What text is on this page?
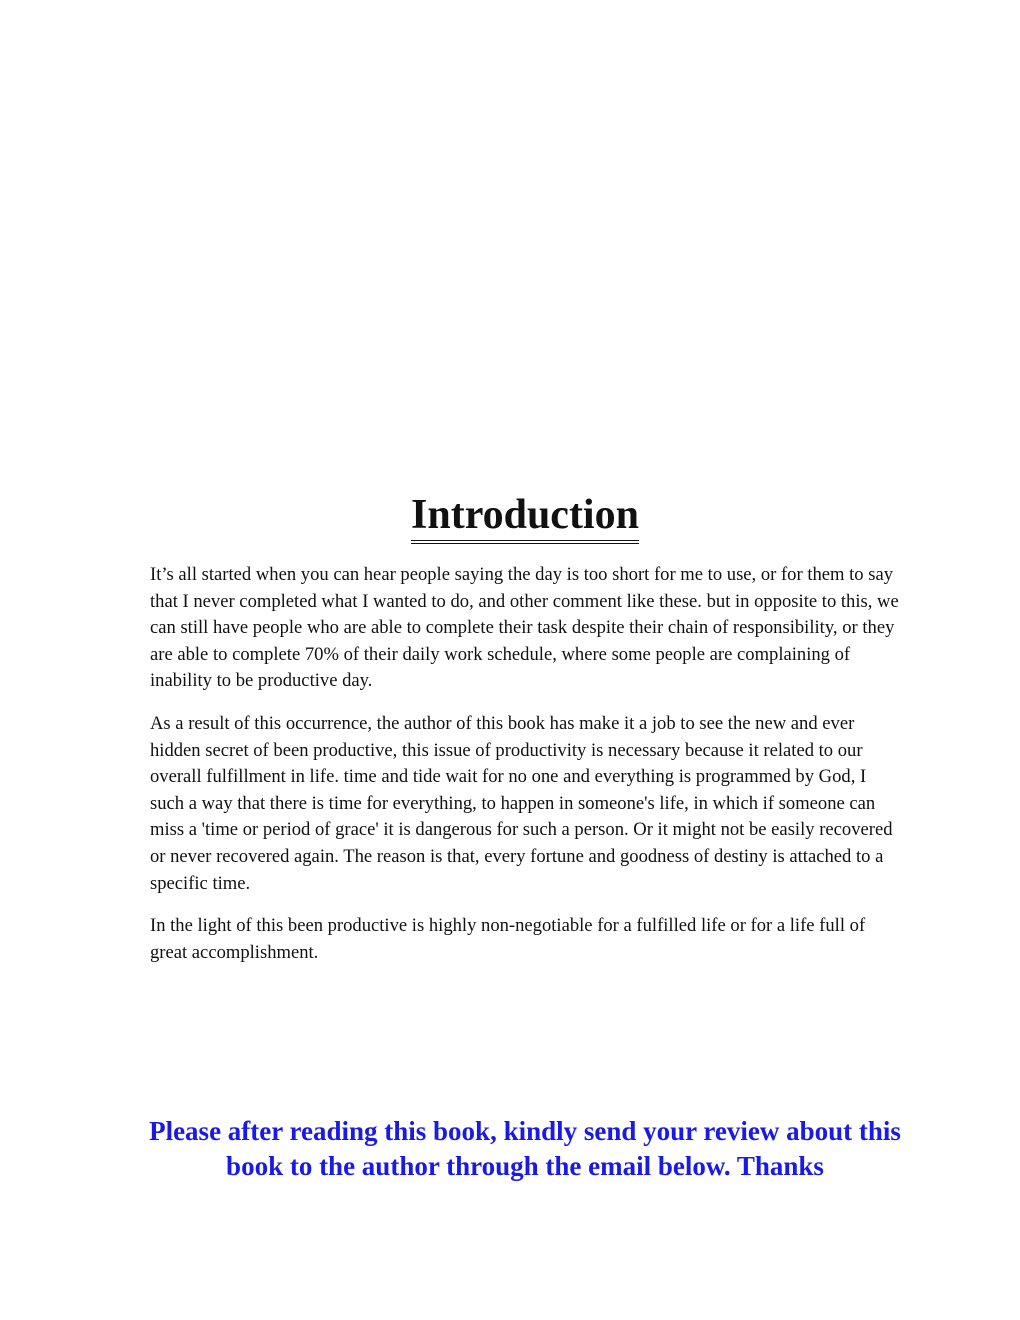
Introduction

It’s all started when you can hear people saying the day is too short for me to use, or for them to say that I never completed what I wanted to do, and other comment like these. but in opposite to this, we can still have people who are able to complete their task despite their chain of responsibility, or they are able to complete 70% of their daily work schedule, where some people are complaining of inability to be productive day.

As a result of this occurrence, the author of this book has make it a job to see the new and ever hidden secret of been productive, this issue of productivity is necessary because it related to our overall fulfillment in life. time and tide wait for no one and everything is programmed by God, I such a way that there is time for everything, to happen in someone's life, in which if someone can miss a 'time or period of grace' it is dangerous for such a person. Or it might not be easily recovered or never recovered again. The reason is that, every fortune and goodness of destiny is attached to a specific time.

In the light of this been productive is highly non-negotiable for a fulfilled life or for a life full of great accomplishment.

Please after reading this book, kindly send your review about this book to the author through the email below. Thanks
